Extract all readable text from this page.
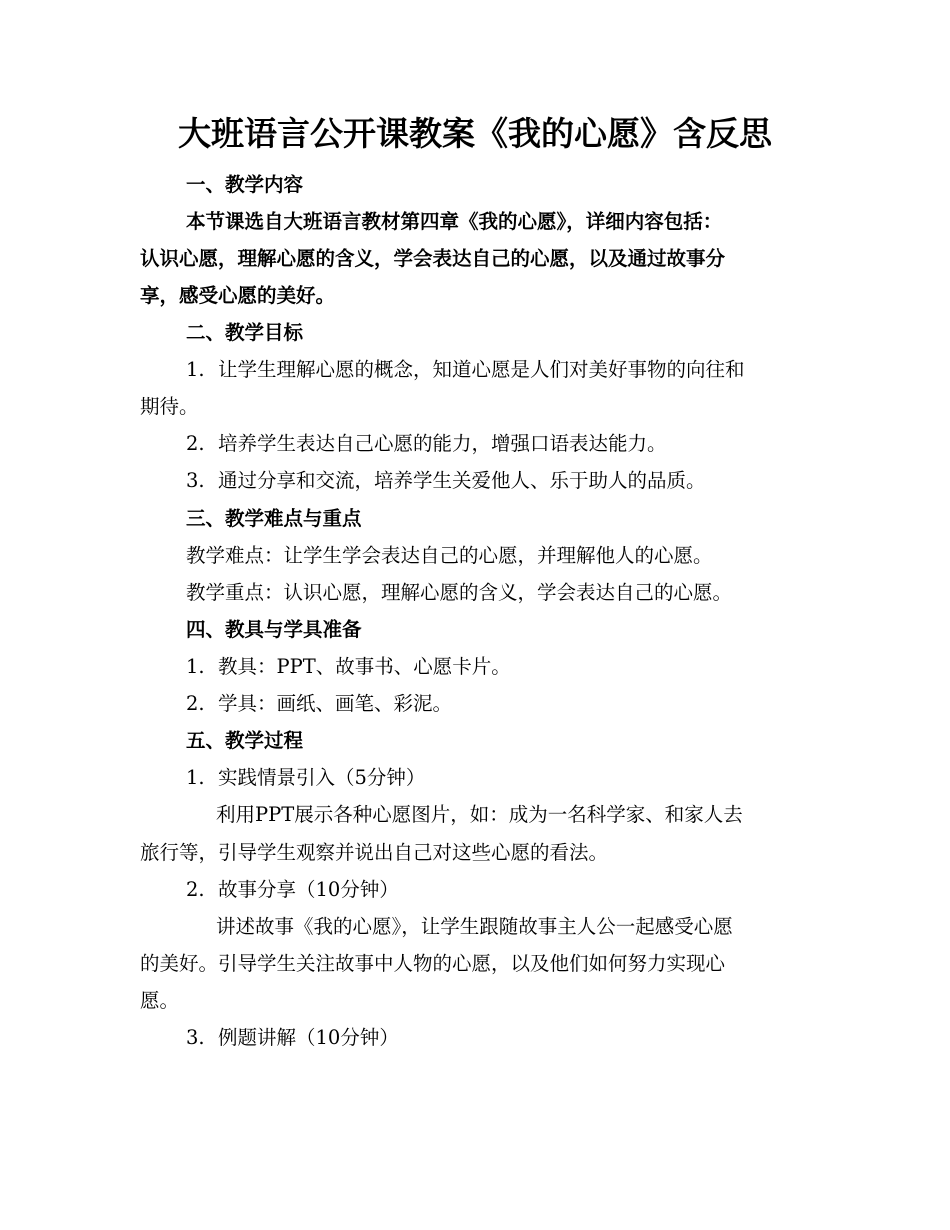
大班语言公开课教案《我的心愿》含反思

一、教学内容

本节课选自大班语言教材第四章《我的心愿》，详细内容包括：

认识心愿，理解心愿的含义，学会表达自己的心愿，以及通过故事分

享，感受心愿的美好。

二、教学目标

1. 让学生理解心愿的概念，知道心愿是人们对美好事物的向往和

期待。

2. 培养学生表达自己心愿的能力，增强口语表达能力。

3. 通过分享和交流，培养学生关爱他人、乐于助人的品质。

三、教学难点与重点

教学难点：让学生学会表达自己的心愿，并理解他人的心愿。

教学重点：认识心愿，理解心愿的含义，学会表达自己的心愿。

四、教具与学具准备

1. 教具：PPT、故事书、心愿卡片。

2. 学具：画纸、画笔、彩泥。

五、教学过程

1. 实践情景引入（5分钟）

利用PPT展示各种心愿图片，如：成为一名科学家、和家人去

旅行等，引导学生观察并说出自己对这些心愿的看法。

2. 故事分享（10分钟）

讲述故事《我的心愿》，让学生跟随故事主人公一起感受心愿

的美好。引导学生关注故事中人物的心愿，以及他们如何努力实现心

愿。

3. 例题讲解（10分钟）
